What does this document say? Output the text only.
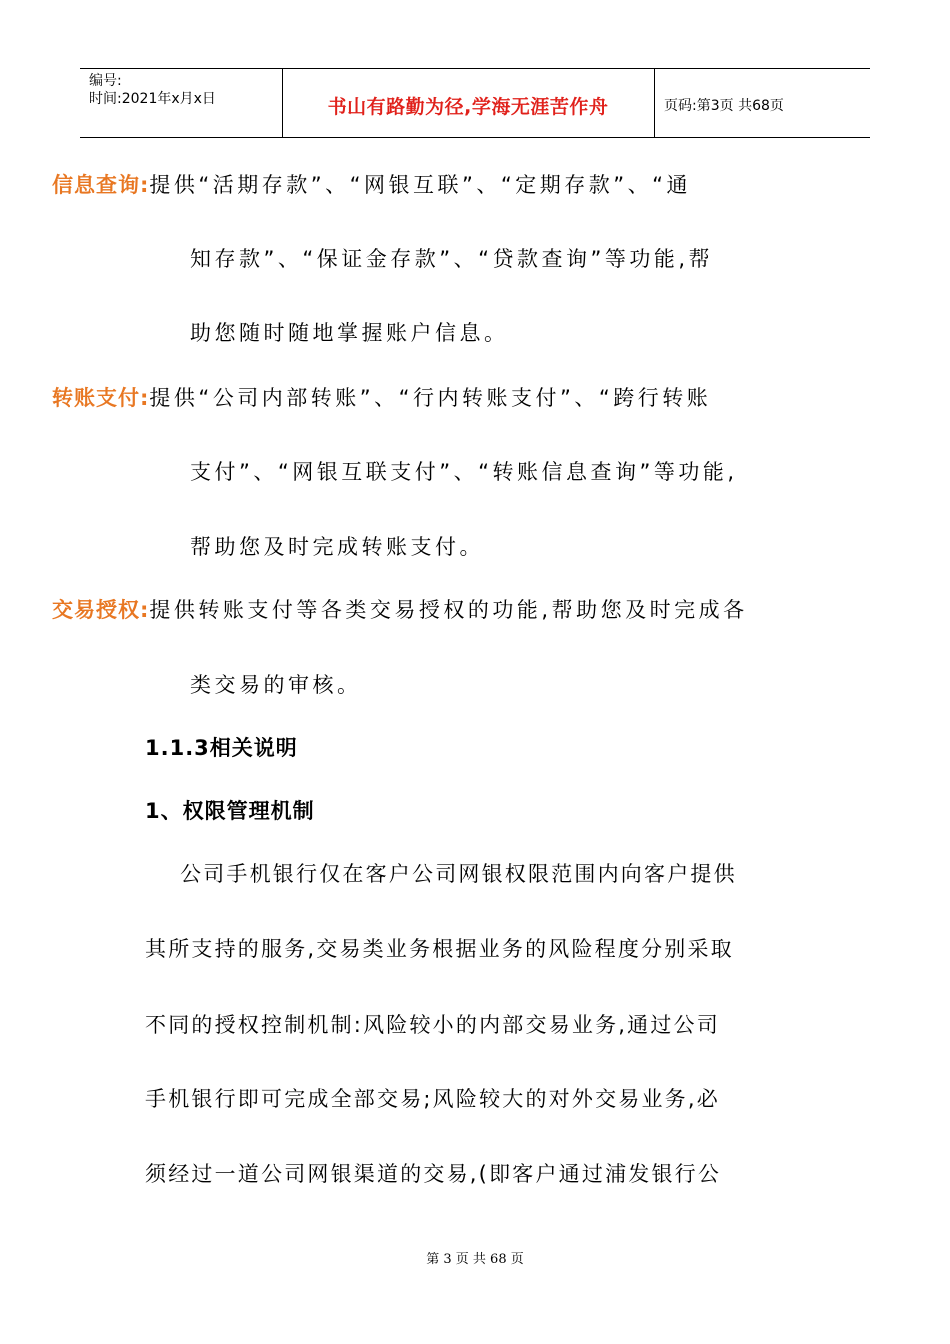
编号:
时间:2021年x月x日	书山有路勤为径,学海无涯苦作舟	页码:第3页 共68页
信息查询:提供“活期存款”、“网银互联”、“定期存款”、“通
知存款”、“保证金存款”、“贷款查询”等功能,帮
助您随时随地掌握账户信息。
转账支付:提供“公司内部转账”、“行内转账支付”、“跨行转账
支付”、“网银互联支付”、“转账信息查询”等功能,
帮助您及时完成转账支付。
交易授权:提供转账支付等各类交易授权的功能,帮助您及时完成各
类交易的审核。
1.1.3相关说明
1、权限管理机制
公司手机银行仅在客户公司网银权限范围内向客户提供
其所支持的服务,交易类业务根据业务的风险程度分别采取
不同的授权控制机制:风险较小的内部交易业务,通过公司
手机银行即可完成全部交易;风险较大的对外交易业务,必
须经过一道公司网银渠道的交易,(即客户通过浦发银行公
第 3 页 共 68 页
